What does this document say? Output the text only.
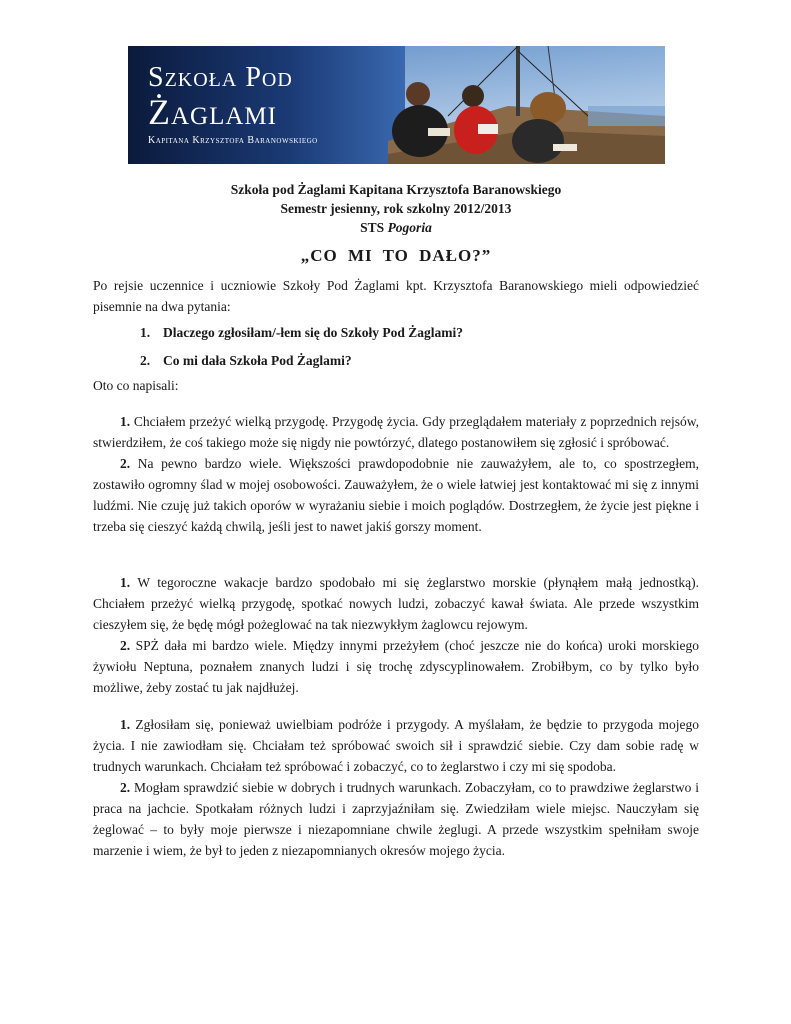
Szkoła Pod
Żaglami
Kapitana Krzysztofa Baranowskiego
Szkoła pod Żaglami Kapitana Krzysztofa Baranowskiego
Semestr jesienny, rok szkolny 2012/2013
STS Pogoria
„CO MI TO DAŁO?”

Po rejsie uczennice i uczniowie Szkoły Pod Żaglami kpt. Krzysztofa Baranowskiego mieli odpowiedzieć pisemnie na dwa pytania:

1. Dlaczego zgłosiłam/-łem się do Szkoły Pod Żaglami?
2. Co mi dała Szkoła Pod Żaglami?

Oto co napisali:

1. Chciałem przeżyć wielką przygodę. Przygodę życia. Gdy przeglądałem materiały z poprzednich rejsów, stwierdziłem, że coś takiego może się nigdy nie powtórzyć, dlatego postanowiłem się zgłosić i spróbować.

2. Na pewno bardzo wiele. Większości prawdopodobnie nie zauważyłem, ale to, co spostrzegłem, zostawiło ogromny ślad w mojej osobowości. Zauważyłem, że o wiele łatwiej jest kontaktować mi się z innymi ludźmi. Nie czuję już takich oporów w wyrażaniu siebie i moich poglądów. Dostrzegłem, że życie jest piękne i trzeba się cieszyć każdą chwilą, jeśli jest to nawet jakiś gorszy moment.

1. W tegoroczne wakacje bardzo spodobało mi się żeglarstwo morskie (płynąłem małą jednostką). Chciałem przeżyć wielką przygodę, spotkać nowych ludzi, zobaczyć kawał świata. Ale przede wszystkim cieszyłem się, że będę mógł pożeglować na tak niezwykłym żaglowcu rejowym.

2. SPŻ dała mi bardzo wiele. Między innymi przeżyłem (choć jeszcze nie do końca) uroki morskiego żywiołu Neptuna, poznałem znanych ludzi i się trochę zdyscyplinowałem. Zrobiłbym, co by tylko było możliwe, żeby zostać tu jak najdłużej.

1. Zgłosiłam się, ponieważ uwielbiam podróże i przygody. A myślałam, że będzie to przygoda mojego życia. I nie zawiodłam się. Chciałam też spróbować swoich sił i sprawdzić siebie. Czy dam sobie radę w trudnych warunkach. Chciałam też spróbować i zobaczyć, co to żeglarstwo i czy mi się spodoba.

2. Mogłam sprawdzić siebie w dobrych i trudnych warunkach. Zobaczyłam, co to prawdziwe żeglarstwo i praca na jachcie. Spotkałam różnych ludzi i zaprzyjaźniłam się. Zwiedziłam wiele miejsc. Nauczyłam się żeglować – to były moje pierwsze i niezapomniane chwile żeglugi. A przede wszystkim spełniłam swoje marzenie i wiem, że był to jeden z niezapomnianych okresów mojego życia.
